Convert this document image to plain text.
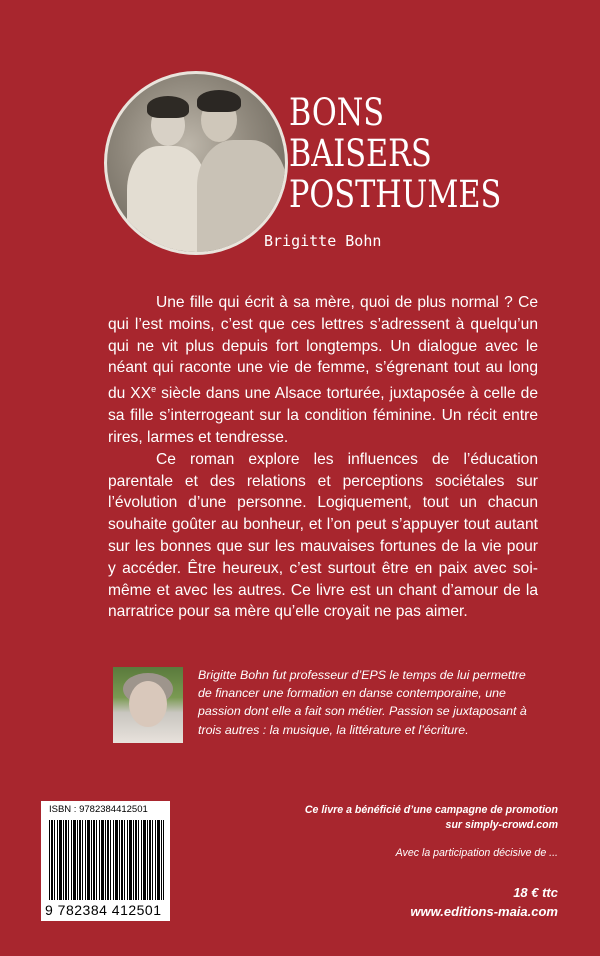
BONS
BAISERS
POSTHUMES
Brigitte Bohn

Une fille qui écrit à sa mère, quoi de plus normal ? Ce qui l’est moins, c’est que ces lettres s’adressent à quelqu’un qui ne vit plus depuis fort longtemps. Un dialogue avec le néant qui raconte une vie de femme, s’égrenant tout au long du XXe siècle dans une Alsace torturée, juxtaposée à celle de sa fille s’interrogeant sur la condition féminine. Un récit entre rires, larmes et tendresse.

Ce roman explore les influences de l’éducation parentale et des relations et perceptions sociétales sur l’évolution d’une personne. Logiquement, tout un chacun souhaite goûter au bonheur, et l’on peut s’appuyer tout autant sur les bonnes que sur les mauvaises fortunes de la vie pour y accéder. Être heureux, c’est surtout être en paix avec soi-même et avec les autres. Ce livre est un chant d’amour de la narratrice pour sa mère qu’elle croyait ne pas aimer.

Brigitte Bohn fut professeur d’EPS le temps de lui permettre de financer une formation en danse contemporaine, une passion dont elle a fait son métier. Passion se juxtaposant à trois autres : la musique, la littérature et l’écriture.
ISBN : 9782384412501
9 782384 412501
Ce livre a bénéficié d’une campagne de promotion
sur simply-crowd.com
Avec la participation décisive de ...
18 € ttc
www.editions-maia.com
